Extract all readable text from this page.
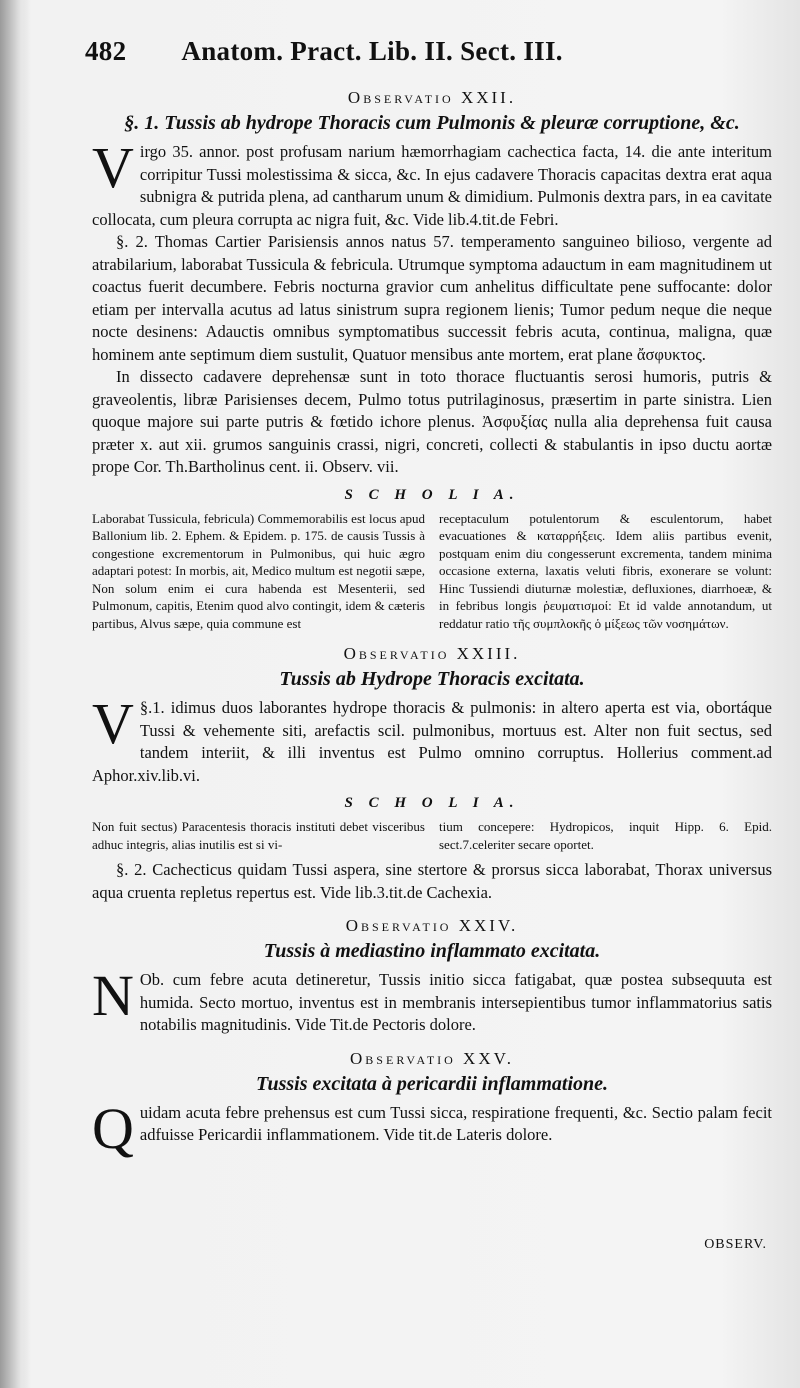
482 Anatom. Pract. Lib. II. Sect. III.
Observatio XXII.
§. 1. Tussis ab hydrope Thoracis cum Pulmonis & pleuræ corruptione, &c.

V irgo 35. annor. post profusam narium hæmorrhagiam cachectica facta, 14. die ante interitum corripitur Tussi molestissima & sicca, &c. In ejus cadavere Thoracis capacitas dextra erat aqua subnigra & putrida plena, ad cantharum unum & dimidium. Pulmonis dextra pars, in ea cavitate collocata, cum pleura corrupta ac nigra fuit, &c. Vide lib.4.tit.de Febri.

§. 2. Thomas Cartier Parisiensis annos natus 57. temperamento sanguineo bilioso, vergente ad atrabilarium, laborabat Tussicula & febricula. Utrumque symptoma adauctum in eam magnitudinem ut coactus fuerit decumbere. Febris nocturna gravior cum anhelitus difficultate pene suffocante: dolor etiam per intervalla acutus ad latus sinistrum supra regionem lienis; Tumor pedum neque die neque nocte desinens: Adauctis omnibus symptomatibus successit febris acuta, continua, maligna, quæ hominem ante septimum diem sustulit, Quatuor mensibus ante mortem, erat plane ἄσφυκτος.

In dissecto cadavere deprehensæ sunt in toto thorace fluctuantis serosi humoris, putris & graveolentis, libræ Parisienses decem, Pulmo totus putrilaginosus, præsertim in parte sinistra. Lien quoque majore sui parte putris & fœtido ichore plenus. Ἀσφυξίας nulla alia deprehensa fuit causa præter x. aut xii. grumos sanguinis crassi, nigri, concreti, collecti & stabulantis in ipso ductu aortæ prope Cor. Th.Bartholinus cent. ii. Observ. vii.

S C H O L I A.

Laborabat Tussicula, febricula) Commemorabilis est locus apud Ballonium lib. 2. Ephem. & Epidem. p. 175. de causis Tussis à congestione excrementorum in Pulmonibus, qui huic ægro adaptari potest: In morbis, ait, Medico multum est negotii sæpe, Non solum enim ei cura habenda est Mesenterii, sed Pulmonum, capitis, Etenim quod alvo contingit, idem & cæteris partibus, Alvus sæpe, quia commune est

receptaculum potulentorum & esculentorum, habet evacuationes & καταρρήξεις. Idem aliis partibus evenit, postquam enim diu congesserunt excrementa, tandem minima occasione externa, laxatis veluti fibris, exonerare se volunt: Hinc Tussiendi diuturnæ molestiæ, defluxiones, diarrhoeæ, & in febribus longis ῥευματισμοί: Et id valde annotandum, ut reddatur ratio τῆς συμπλοκῆς ὁ μίξεως τῶν νοσημάτων.

Observatio XXIII.
Tussis ab Hydrope Thoracis excitata.

§.1.
V	idimus duos laborantes hydrope thoracis & pulmonis: in altero aperta est via, obortáque Tussi & vehemente siti, arefactis scil. pulmonibus, mortuus est. Alter non fuit sectus, sed tandem interiit, & illi inventus est Pulmo omnino corruptus. Hollerius comment.ad Aphor.xiv.lib.vi.

S C H O L I A.

Non fuit sectus) Paracentesis thoracis instituti debet visceribus adhuc integris, alias inutilis est si vi-

tium concepere: Hydropicos, inquit Hipp. 6. Epid. sect.7.celeriter secare oportet.

§. 2. Cachecticus quidam Tussi aspera, sine stertore & prorsus sicca laborabat, Thorax universus aqua cruenta repletus repertus est. Vide lib.3.tit.de Cachexia.

Observatio XXIV.
Tussis à mediastino inflammato excitata.

N Ob. cum febre acuta detineretur, Tussis initio sicca fatigabat, quæ postea subsequuta est humida. Secto mortuo, inventus est in membranis intersepientibus tumor inflammatorius satis notabilis magnitudinis. Vide Tit.de Pectoris dolore.

Observatio XXV.
Tussis excitata à pericardii inflammatione.

Q uidam acuta febre prehensus est cum Tussi sicca, respiratione frequenti, &c. Sectio palam fecit adfuisse Pericardii inflammationem. Vide tit.de Lateris dolore.

OBSERV.
